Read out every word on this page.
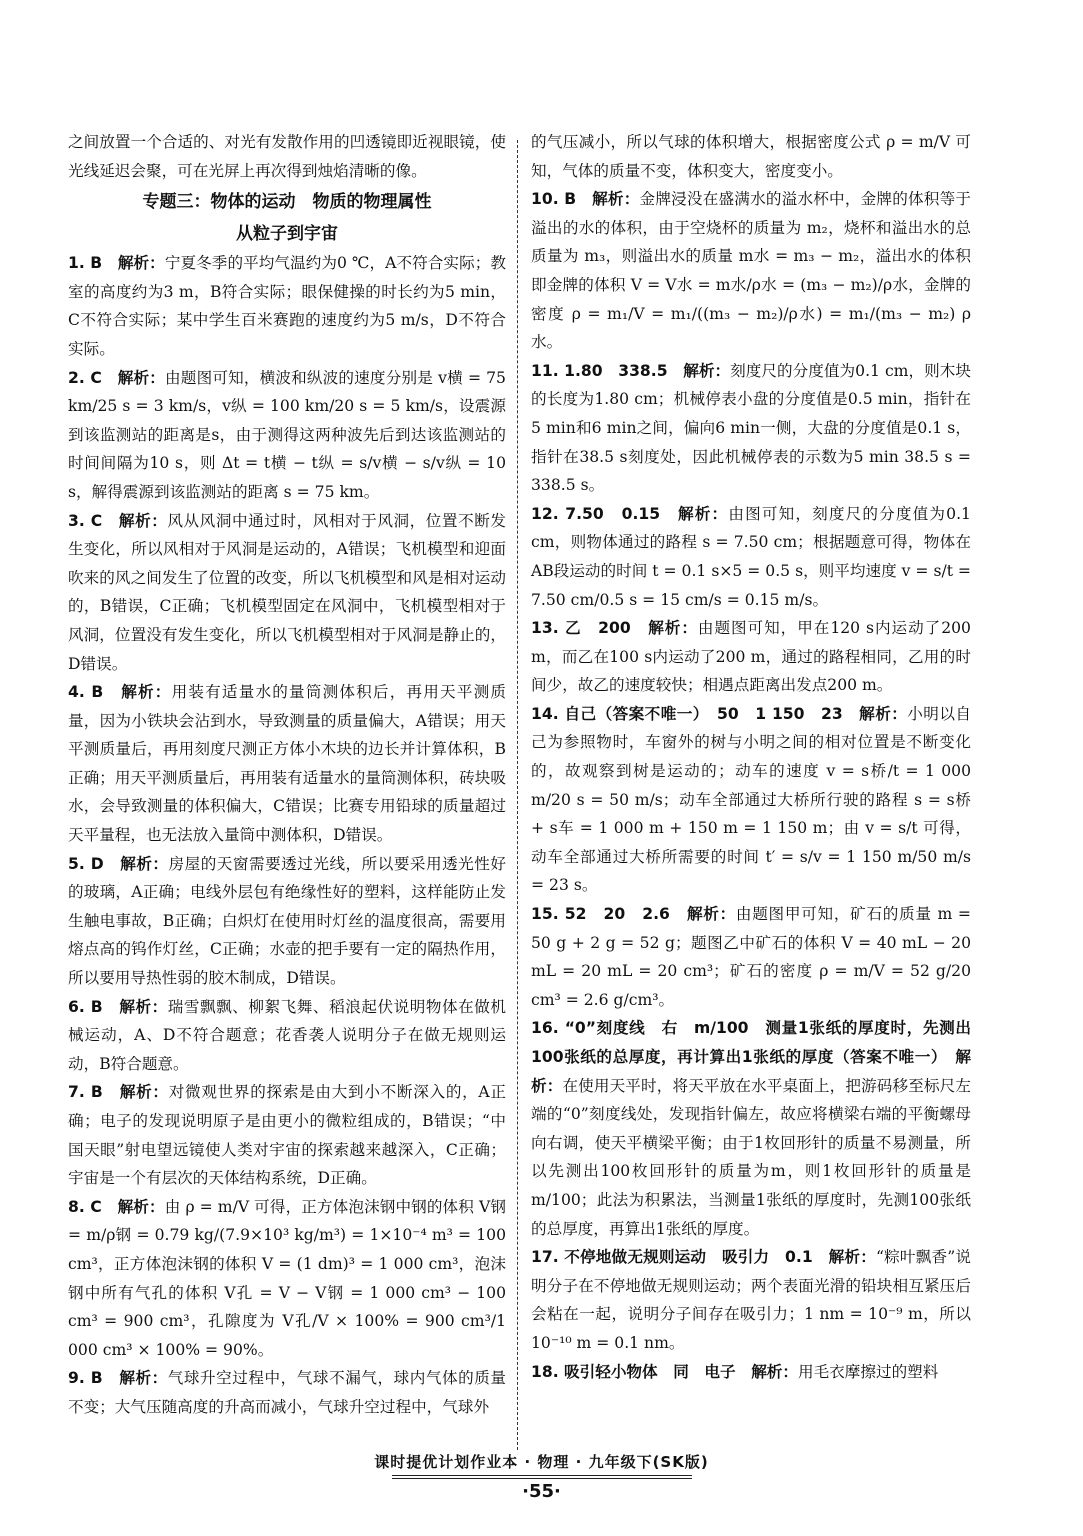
之间放置一个合适的、对光有发散作用的凹透镜即近视眼镜，使光线延迟会聚，可在光屏上再次得到烛焰清晰的像。

专题三：物体的运动　物质的物理属性
从粒子到宇宙

1. B　 解析：宁夏冬季的平均气温约为0 ℃，A不符合实际；教室的高度约为3 m，B符合实际；眼保健操的时长约为5 min，C不符合实际；某中学生百米赛跑的速度约为5 m/s，D不符合实际。

2. C　 解析：由题图可知，横波和纵波的速度分别是 v横 = 75 km/25 s = 3 km/s，v纵 = 100 km/20 s = 5 km/s，设震源到该监测站的距离是s，由于测得这两种波先后到达该监测站的时间间隔为10 s，则 Δt = t横 − t纵 = s/v横 − s/v纵 = 10 s，解得震源到该监测站的距离 s = 75 km。

3. C　 解析：风从风洞中通过时，风相对于风洞，位置不断发生变化，所以风相对于风洞是运动的，A错误；飞机模型和迎面吹来的风之间发生了位置的改变，所以飞机模型和风是相对运动的，B错误，C正确；飞机模型固定在风洞中，飞机模型相对于风洞，位置没有发生变化，所以飞机模型相对于风洞是静止的，D错误。

4. B　 解析：用装有适量水的量筒测体积后，再用天平测质量，因为小铁块会沾到水，导致测量的质量偏大，A错误；用天平测质量后，再用刻度尺测正方体小木块的边长并计算体积，B正确；用天平测质量后，再用装有适量水的量筒测体积，砖块吸水，会导致测量的体积偏大，C错误；比赛专用铅球的质量超过天平量程，也无法放入量筒中测体积，D错误。

5. D　 解析：房屋的天窗需要透过光线，所以要采用透光性好的玻璃，A正确；电线外层包有绝缘性好的塑料，这样能防止发生触电事故，B正确；白炽灯在使用时灯丝的温度很高，需要用熔点高的钨作灯丝，C正确；水壶的把手要有一定的隔热作用，所以要用导热性弱的胶木制成，D错误。

6. B　 解析：瑞雪飘飘、柳絮飞舞、稻浪起伏说明物体在做机械运动，A、D不符合题意；花香袭人说明分子在做无规则运动，B符合题意。

7. B　 解析：对微观世界的探索是由大到小不断深入的，A正确；电子的发现说明原子是由更小的微粒组成的，B错误；“中国天眼”射电望远镜使人类对宇宙的探索越来越深入，C正确；宇宙是一个有层次的天体结构系统，D正确。

8. C　 解析：由 ρ = m/V 可得，正方体泡沫钢中钢的体积 V钢 = m/ρ钢 = 0.79 kg/(7.9×10³ kg/m³) = 1×10⁻⁴ m³ = 100 cm³，正方体泡沫钢的体积 V = (1 dm)³ = 1 000 cm³，泡沫钢中所有气孔的体积 V孔 = V − V钢 = 1 000 cm³ − 100 cm³ = 900 cm³，孔隙度为 V孔/V × 100% = 900 cm³/1 000 cm³ × 100% = 90%。

9. B　 解析：气球升空过程中，气球不漏气，球内气体的质量不变；大气压随高度的升高而减小，气球升空过程中，气球外

的气压减小，所以气球的体积增大，根据密度公式 ρ = m/V 可知，气体的质量不变，体积变大，密度变小。

10. B　 解析：金牌浸没在盛满水的溢水杯中，金牌的体积等于溢出的水的体积，由于空烧杯的质量为 m₂，烧杯和溢出水的总质量为 m₃，则溢出水的质量 m水 = m₃ − m₂，溢出水的体积即金牌的体积 V = V水 = m水/ρ水 = (m₃ − m₂)/ρ水，金牌的密度 ρ = m₁/V = m₁/((m₃ − m₂)/ρ水) = m₁/(m₃ − m₂) ρ水。

11. 1.80　338.5　 解析：刻度尺的分度值为0.1 cm，则木块的长度为1.80 cm；机械停表小盘的分度值是0.5 min，指针在5 min和6 min之间，偏向6 min一侧，大盘的分度值是0.1 s，指针在38.5 s刻度处，因此机械停表的示数为5 min 38.5 s = 338.5 s。

12. 7.50　0.15　 解析：由图可知，刻度尺的分度值为0.1 cm，则物体通过的路程 s = 7.50 cm；根据题意可得，物体在AB段运动的时间 t = 0.1 s×5 = 0.5 s，则平均速度 v = s/t = 7.50 cm/0.5 s = 15 cm/s = 0.15 m/s。

13. 乙　200　 解析：由题图可知，甲在120 s内运动了200 m，而乙在100 s内运动了200 m，通过的路程相同，乙用的时间少，故乙的速度较快；相遇点距离出发点200 m。

14. 自己（答案不唯一）　50　1 150　23　 解析：小明以自己为参照物时，车窗外的树与小明之间的相对位置是不断变化的，故观察到树是运动的；动车的速度 v = s桥/t = 1 000 m/20 s = 50 m/s；动车全部通过大桥所行驶的路程 s = s桥 + s车 = 1 000 m + 150 m = 1 150 m；由 v = s/t 可得，动车全部通过大桥所需要的时间 t′ = s/v = 1 150 m/50 m/s = 23 s。

15. 52　20　2.6　 解析：由题图甲可知，矿石的质量 m = 50 g + 2 g = 52 g；题图乙中矿石的体积 V = 40 mL − 20 mL = 20 mL = 20 cm³；矿石的密度 ρ = m/V = 52 g/20 cm³ = 2.6 g/cm³。

16. “0”刻度线　右　m/100　测量1张纸的厚度时，先测出100张纸的总厚度，再计算出1张纸的厚度（答案不唯一）　 解析：在使用天平时，将天平放在水平桌面上，把游码移至标尺左端的“0”刻度线处，发现指针偏左，故应将横梁右端的平衡螺母向右调，使天平横梁平衡；由于1枚回形针的质量不易测量，所以先测出100枚回形针的质量为m，则1枚回形针的质量是 m/100；此法为积累法，当测量1张纸的厚度时，先测100张纸的总厚度，再算出1张纸的厚度。

17. 不停地做无规则运动　吸引力　0.1　 解析：“粽叶飘香”说明分子在不停地做无规则运动；两个表面光滑的铅块相互紧压后会粘在一起，说明分子间存在吸引力；1 nm = 10⁻⁹ m，所以 10⁻¹⁰ m = 0.1 nm。

18. 吸引轻小物体　同　电子　 解析：用毛衣摩擦过的塑料

课时提优计划作业本 · 物理 · 九年级下(SK版)
·55·
